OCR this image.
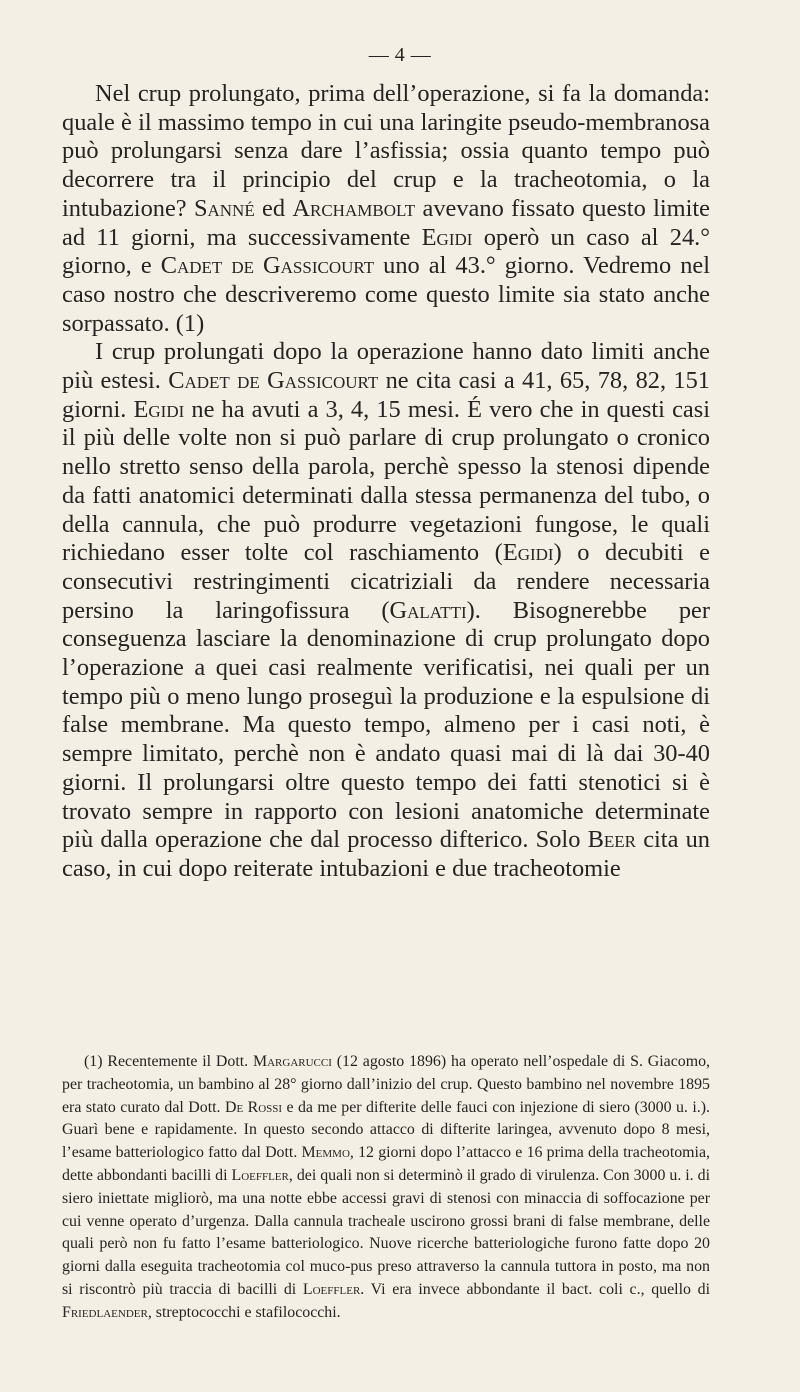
— 4 —

Nel crup prolungato, prima dell’operazione, si fa la domanda: quale è il massimo tempo in cui una laringite pseudo-membranosa può prolungarsi senza dare l’asfissia; ossia quanto tempo può decorrere tra il principio del crup e la tracheotomia, o la intubazione? Sanné ed Archambolt avevano fissato questo limite ad 11 giorni, ma successivamente Egidi operò un caso al 24.° giorno, e Cadet de Gassicourt uno al 43.° giorno. Vedremo nel caso nostro che descriveremo come questo limite sia stato anche sorpassato. (1)

I crup prolungati dopo la operazione hanno dato limiti anche più estesi. Cadet de Gassicourt ne cita casi a 41, 65, 78, 82, 151 giorni. Egidi ne ha avuti a 3, 4, 15 mesi. É vero che in questi casi il più delle volte non si può parlare di crup prolungato o cronico nello stretto senso della parola, perchè spesso la stenosi dipende da fatti anatomici determinati dalla stessa permanenza del tubo, o della cannula, che può produrre vegetazioni fungose, le quali richiedano esser tolte col raschiamento (Egidi) o decubiti e consecutivi restringimenti cicatriziali da rendere necessaria persino la laringofissura (Galatti). Bisognerebbe per conseguenza lasciare la denominazione di crup prolungato dopo l’operazione a quei casi realmente verificatisi, nei quali per un tempo più o meno lungo proseguì la produzione e la espulsione di false membrane. Ma questo tempo, almeno per i casi noti, è sempre limitato, perchè non è andato quasi mai di là dai 30-40 giorni. Il prolungarsi oltre questo tempo dei fatti stenotici si è trovato sempre in rapporto con lesioni anatomiche determinate più dalla operazione che dal processo difterico. Solo Beer cita un caso, in cui dopo reiterate intubazioni e due tracheotomie

(1) Recentemente il Dott. Margarucci (12 agosto 1896) ha operato nell’ospedale di S. Giacomo, per tracheotomia, un bambino al 28° giorno dall’inizio del crup. Questo bambino nel novembre 1895 era stato curato dal Dott. De Rossi e da me per difterite delle fauci con injezione di siero (3000 u. i.). Guarì bene e rapidamente. In questo secondo attacco di difterite laringea, avvenuto dopo 8 mesi, l’esame batteriologico fatto dal Dott. Memmo, 12 giorni dopo l’attacco e 16 prima della tracheotomia, dette abbondanti bacilli di Loeffler, dei quali non si determinò il grado di virulenza. Con 3000 u. i. di siero iniettate migliorò, ma una notte ebbe accessi gravi di stenosi con minaccia di soffocazione per cui venne operato d’urgenza. Dalla cannula tracheale uscirono grossi brani di false membrane, delle quali però non fu fatto l’esame batteriologico. Nuove ricerche batteriologiche furono fatte dopo 20 giorni dalla eseguita tracheotomia col muco-pus preso attraverso la cannula tuttora in posto, ma non si riscontrò più traccia di bacilli di Loeffler. Vi era invece abbondante il bact. coli c., quello di Friedlaender, streptococchi e stafilococchi.
